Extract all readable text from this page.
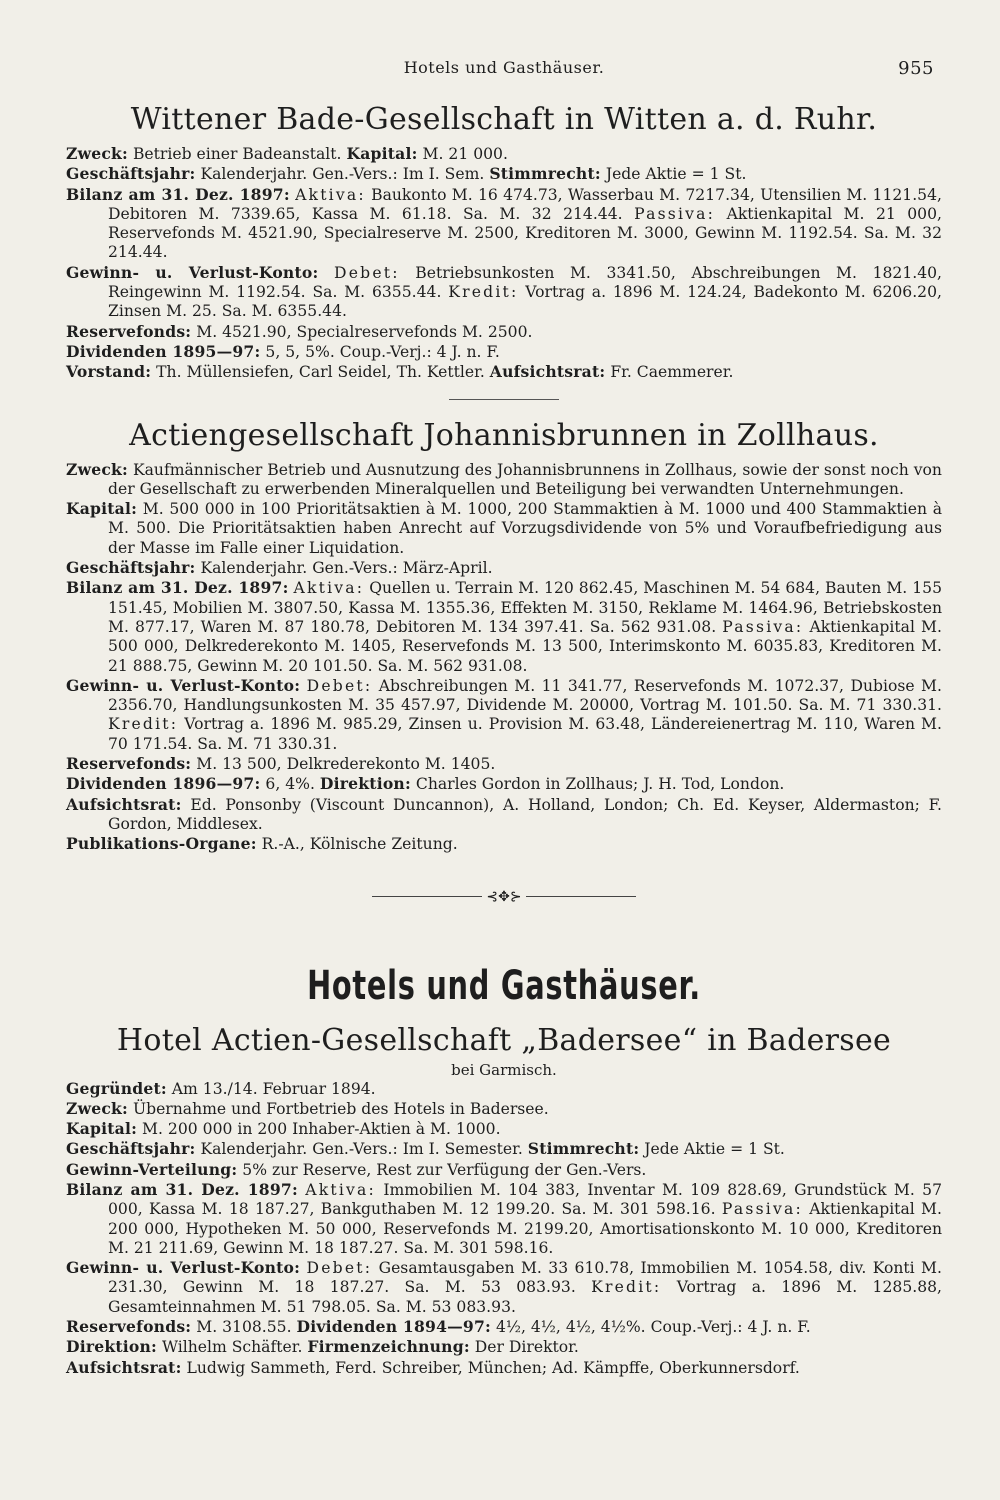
Hotels und Gasthäuser.	955
Wittener Bade-Gesellschaft in Witten a. d. Ruhr.

Zweck: Betrieb einer Badeanstalt. Kapital: M. 21 000.

Geschäftsjahr: Kalenderjahr. Gen.-Vers.: Im I. Sem. Stimmrecht: Jede Aktie = 1 St.

Bilanz am 31. Dez. 1897: Aktiva: Baukonto M. 16 474.73, Wasserbau M. 7217.34, Utensilien M. 1121.54, Debitoren M. 7339.65, Kassa M. 61.18. Sa. M. 32 214.44. Passiva: Aktienkapital M. 21 000, Reservefonds M. 4521.90, Specialreserve M. 2500, Kreditoren M. 3000, Gewinn M. 1192.54. Sa. M. 32 214.44.

Gewinn- u. Verlust-Konto: Debet: Betriebsunkosten M. 3341.50, Abschreibungen M. 1821.40, Reingewinn M. 1192.54. Sa. M. 6355.44. Kredit: Vortrag a. 1896 M. 124.24, Badekonto M. 6206.20, Zinsen M. 25. Sa. M. 6355.44.

Reservefonds: M. 4521.90, Specialreservefonds M. 2500.

Dividenden 1895—97: 5, 5, 5%. Coup.-Verj.: 4 J. n. F.

Vorstand: Th. Müllensiefen, Carl Seidel, Th. Kettler. Aufsichtsrat: Fr. Caemmerer.

Actiengesellschaft Johannisbrunnen in Zollhaus.

Zweck: Kaufmännischer Betrieb und Ausnutzung des Johannisbrunnens in Zollhaus, sowie der sonst noch von der Gesellschaft zu erwerbenden Mineralquellen und Beteiligung bei verwandten Unternehmungen.

Kapital: M. 500 000 in 100 Prioritätsaktien à M. 1000, 200 Stammaktien à M. 1000 und 400 Stammaktien à M. 500. Die Prioritätsaktien haben Anrecht auf Vorzugsdividende von 5% und Voraufbefriedigung aus der Masse im Falle einer Liquidation.

Geschäftsjahr: Kalenderjahr. Gen.-Vers.: März-April.

Bilanz am 31. Dez. 1897: Aktiva: Quellen u. Terrain M. 120 862.45, Maschinen M. 54 684, Bauten M. 155 151.45, Mobilien M. 3807.50, Kassa M. 1355.36, Effekten M. 3150, Reklame M. 1464.96, Betriebskosten M. 877.17, Waren M. 87 180.78, Debitoren M. 134 397.41. Sa. 562 931.08. Passiva: Aktienkapital M. 500 000, Delkrederekonto M. 1405, Reservefonds M. 13 500, Interimskonto M. 6035.83, Kreditoren M. 21 888.75, Gewinn M. 20 101.50. Sa. M. 562 931.08.

Gewinn- u. Verlust-Konto: Debet: Abschreibungen M. 11 341.77, Reservefonds M. 1072.37, Dubiose M. 2356.70, Handlungsunkosten M. 35 457.97, Dividende M. 20000, Vortrag M. 101.50. Sa. M. 71 330.31. Kredit: Vortrag a. 1896 M. 985.29, Zinsen u. Provision M. 63.48, Ländereienertrag M. 110, Waren M. 70 171.54. Sa. M. 71 330.31.

Reservefonds: M. 13 500, Delkrederekonto M. 1405.

Dividenden 1896—97: 6, 4%. Direktion: Charles Gordon in Zollhaus; J. H. Tod, London.

Aufsichtsrat: Ed. Ponsonby (Viscount Duncannon), A. Holland, London; Ch. Ed. Keyser, Aldermaston; F. Gordon, Middlesex.

Publikations-Organe: R.-A., Kölnische Zeitung.

⊰✥⊱
Hotels und Gasthäuser.
Hotel Actien-Gesellschaft „Badersee“ in Badersee
bei Garmisch.

Gegründet: Am 13./14. Februar 1894.

Zweck: Übernahme und Fortbetrieb des Hotels in Badersee.

Kapital: M. 200 000 in 200 Inhaber-Aktien à M. 1000.

Geschäftsjahr: Kalenderjahr. Gen.-Vers.: Im I. Semester. Stimmrecht: Jede Aktie = 1 St.

Gewinn-Verteilung: 5% zur Reserve, Rest zur Verfügung der Gen.-Vers.

Bilanz am 31. Dez. 1897: Aktiva: Immobilien M. 104 383, Inventar M. 109 828.69, Grundstück M. 57 000, Kassa M. 18 187.27, Bankguthaben M. 12 199.20. Sa. M. 301 598.16. Passiva: Aktienkapital M. 200 000, Hypotheken M. 50 000, Reservefonds M. 2199.20, Amortisationskonto M. 10 000, Kreditoren M. 21 211.69, Gewinn M. 18 187.27. Sa. M. 301 598.16.

Gewinn- u. Verlust-Konto: Debet: Gesamtausgaben M. 33 610.78, Immobilien M. 1054.58, div. Konti M. 231.30, Gewinn M. 18 187.27. Sa. M. 53 083.93. Kredit: Vortrag a. 1896 M. 1285.88, Gesamteinnahmen M. 51 798.05. Sa. M. 53 083.93.

Reservefonds: M. 3108.55. Dividenden 1894—97: 4½, 4½, 4½, 4½%. Coup.-Verj.: 4 J. n. F.

Direktion: Wilhelm Schäfter. Firmenzeichnung: Der Direktor.

Aufsichtsrat: Ludwig Sammeth, Ferd. Schreiber, München; Ad. Kämpffe, Oberkunnersdorf.
